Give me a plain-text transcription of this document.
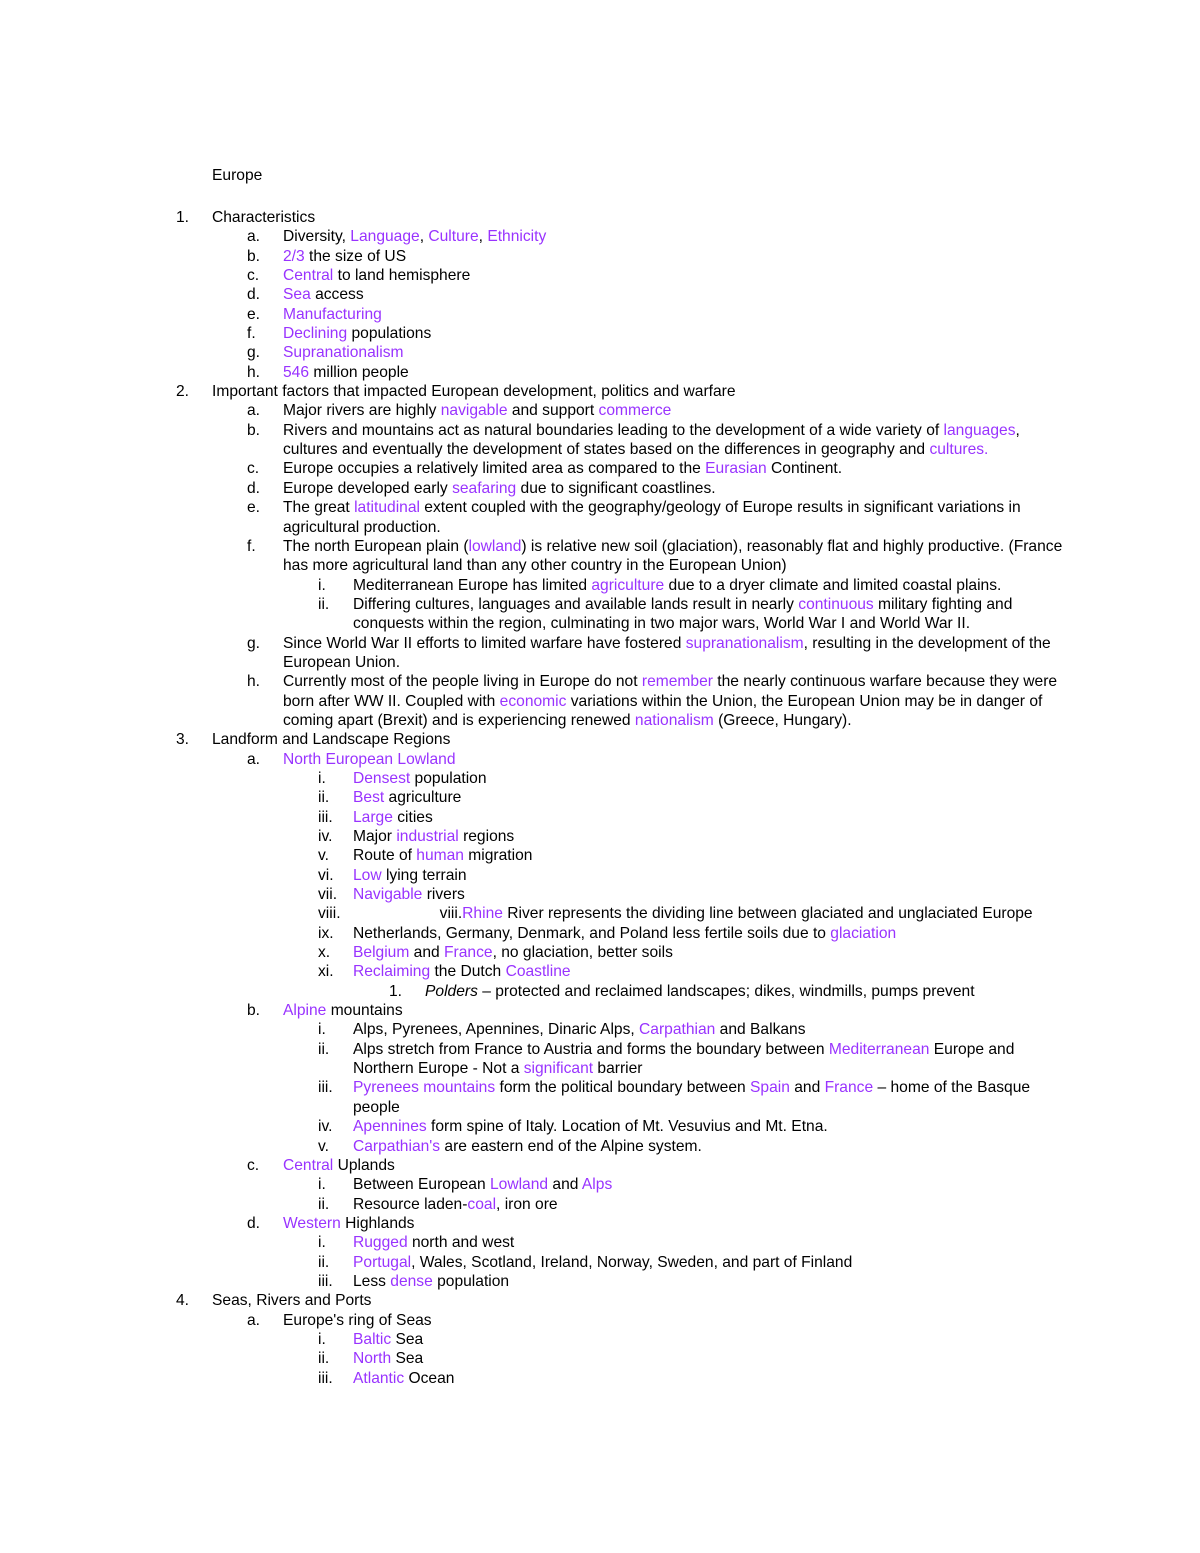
Europe
1. Characteristics
a. Diversity, Language, Culture, Ethnicity
b. 2/3 the size of US
c. Central to land hemisphere
d. Sea access
e. Manufacturing
f. Declining populations
g. Supranationalism
h. 546 million people
2. Important factors that impacted European development, politics and warfare
a. Major rivers are highly navigable and support commerce
b. Rivers and mountains act as natural boundaries leading to the development of a wide variety of languages, cultures and eventually the development of states based on the differences in geography and cultures.
c. Europe occupies a relatively limited area as compared to the Eurasian Continent.
d. Europe developed early seafaring due to significant coastlines.
e. The great latitudinal extent coupled with the geography/geology of Europe results in significant variations in agricultural production.
f. The north European plain (lowland) is relative new soil (glaciation), reasonably flat and highly productive. (France has more agricultural land than any other country in the European Union)
i. Mediterranean Europe has limited agriculture due to a dryer climate and limited coastal plains.
ii. Differing cultures, languages and available lands result in nearly continuous military fighting and conquests within the region, culminating in two major wars, World War I and World War II.
g. Since World War II efforts to limited warfare have fostered supranationalism, resulting in the development of the European Union.
h. Currently most of the people living in Europe do not remember the nearly continuous warfare because they were born after WW II. Coupled with economic variations within the Union, the European Union may be in danger of coming apart (Brexit) and is experiencing renewed nationalism (Greece, Hungary).
3. Landform and Landscape Regions
a. North European Lowland
i. Densest population
ii. Best agriculture
iii. Large cities
iv. Major industrial regions
v. Route of human migration
vi. Low lying terrain
vii. Navigable rivers
viii. viii.Rhine River represents the dividing line between glaciated and unglaciated Europe
ix. Netherlands, Germany, Denmark, and Poland less fertile soils due to glaciation
x. Belgium and France, no glaciation, better soils
xi. Reclaiming the Dutch Coastline
1. Polders – protected and reclaimed landscapes; dikes, windmills, pumps prevent
b. Alpine mountains
i. Alps, Pyrenees, Apennines, Dinaric Alps, Carpathian and Balkans
ii. Alps stretch from France to Austria and forms the boundary between Mediterranean Europe and Northern Europe - Not a significant barrier
iii. Pyrenees mountains form the political boundary between Spain and France – home of the Basque people
iv. Apennines form spine of Italy. Location of Mt. Vesuvius and Mt. Etna.
v. Carpathian's are eastern end of the Alpine system.
c. Central Uplands
i. Between European Lowland and Alps
ii. Resource laden-coal, iron ore
d. Western Highlands
i. Rugged north and west
ii. Portugal, Wales, Scotland, Ireland, Norway, Sweden, and part of Finland
iii. Less dense population
4. Seas, Rivers and Ports
a. Europe's ring of Seas
i. Baltic Sea
ii. North Sea
iii. Atlantic Ocean
